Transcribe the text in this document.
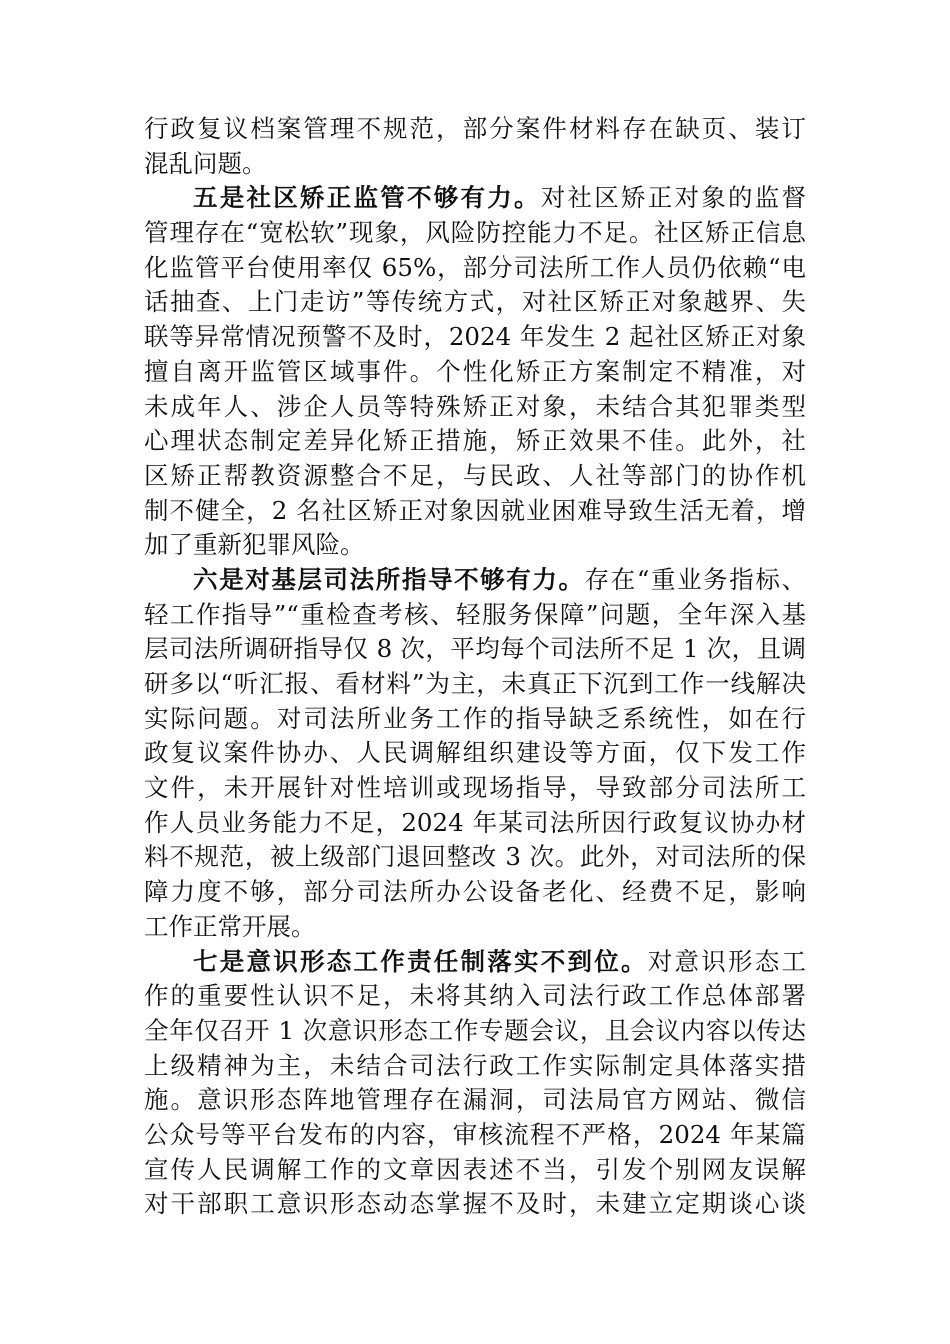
行政复议档案管理不规范，部分案件材料存在缺页、装订
混乱问题。
五是社区矫正监管不够有力。对社区矫正对象的监督
管理存在“宽松软”现象，风险防控能力不足。社区矫正信息
化监管平台使用率仅 65%，部分司法所工作人员仍依赖“电
话抽查、上门走访”等传统方式，对社区矫正对象越界、失
联等异常情况预警不及时，2024 年发生 2 起社区矫正对象
擅自离开监管区域事件。个性化矫正方案制定不精准，对
未成年人、涉企人员等特殊矫正对象，未结合其犯罪类型
心理状态制定差异化矫正措施，矫正效果不佳。此外，社
区矫正帮教资源整合不足，与民政、人社等部门的协作机
制不健全，2 名社区矫正对象因就业困难导致生活无着，增
加了重新犯罪风险。
六是对基层司法所指导不够有力。存在“重业务指标、
轻工作指导”“重检查考核、轻服务保障”问题，全年深入基
层司法所调研指导仅 8 次，平均每个司法所不足 1 次，且调
研多以“听汇报、看材料”为主，未真正下沉到工作一线解决
实际问题。对司法所业务工作的指导缺乏系统性，如在行
政复议案件协办、人民调解组织建设等方面，仅下发工作
文件，未开展针对性培训或现场指导，导致部分司法所工
作人员业务能力不足，2024 年某司法所因行政复议协办材
料不规范，被上级部门退回整改 3 次。此外，对司法所的保
障力度不够，部分司法所办公设备老化、经费不足，影响
工作正常开展。
七是意识形态工作责任制落实不到位。对意识形态工
作的重要性认识不足，未将其纳入司法行政工作总体部署
全年仅召开 1 次意识形态工作专题会议，且会议内容以传达
上级精神为主，未结合司法行政工作实际制定具体落实措
施。意识形态阵地管理存在漏洞，司法局官方网站、微信
公众号等平台发布的内容，审核流程不严格，2024 年某篇
宣传人民调解工作的文章因表述不当，引发个别网友误解
对干部职工意识形态动态掌握不及时，未建立定期谈心谈
